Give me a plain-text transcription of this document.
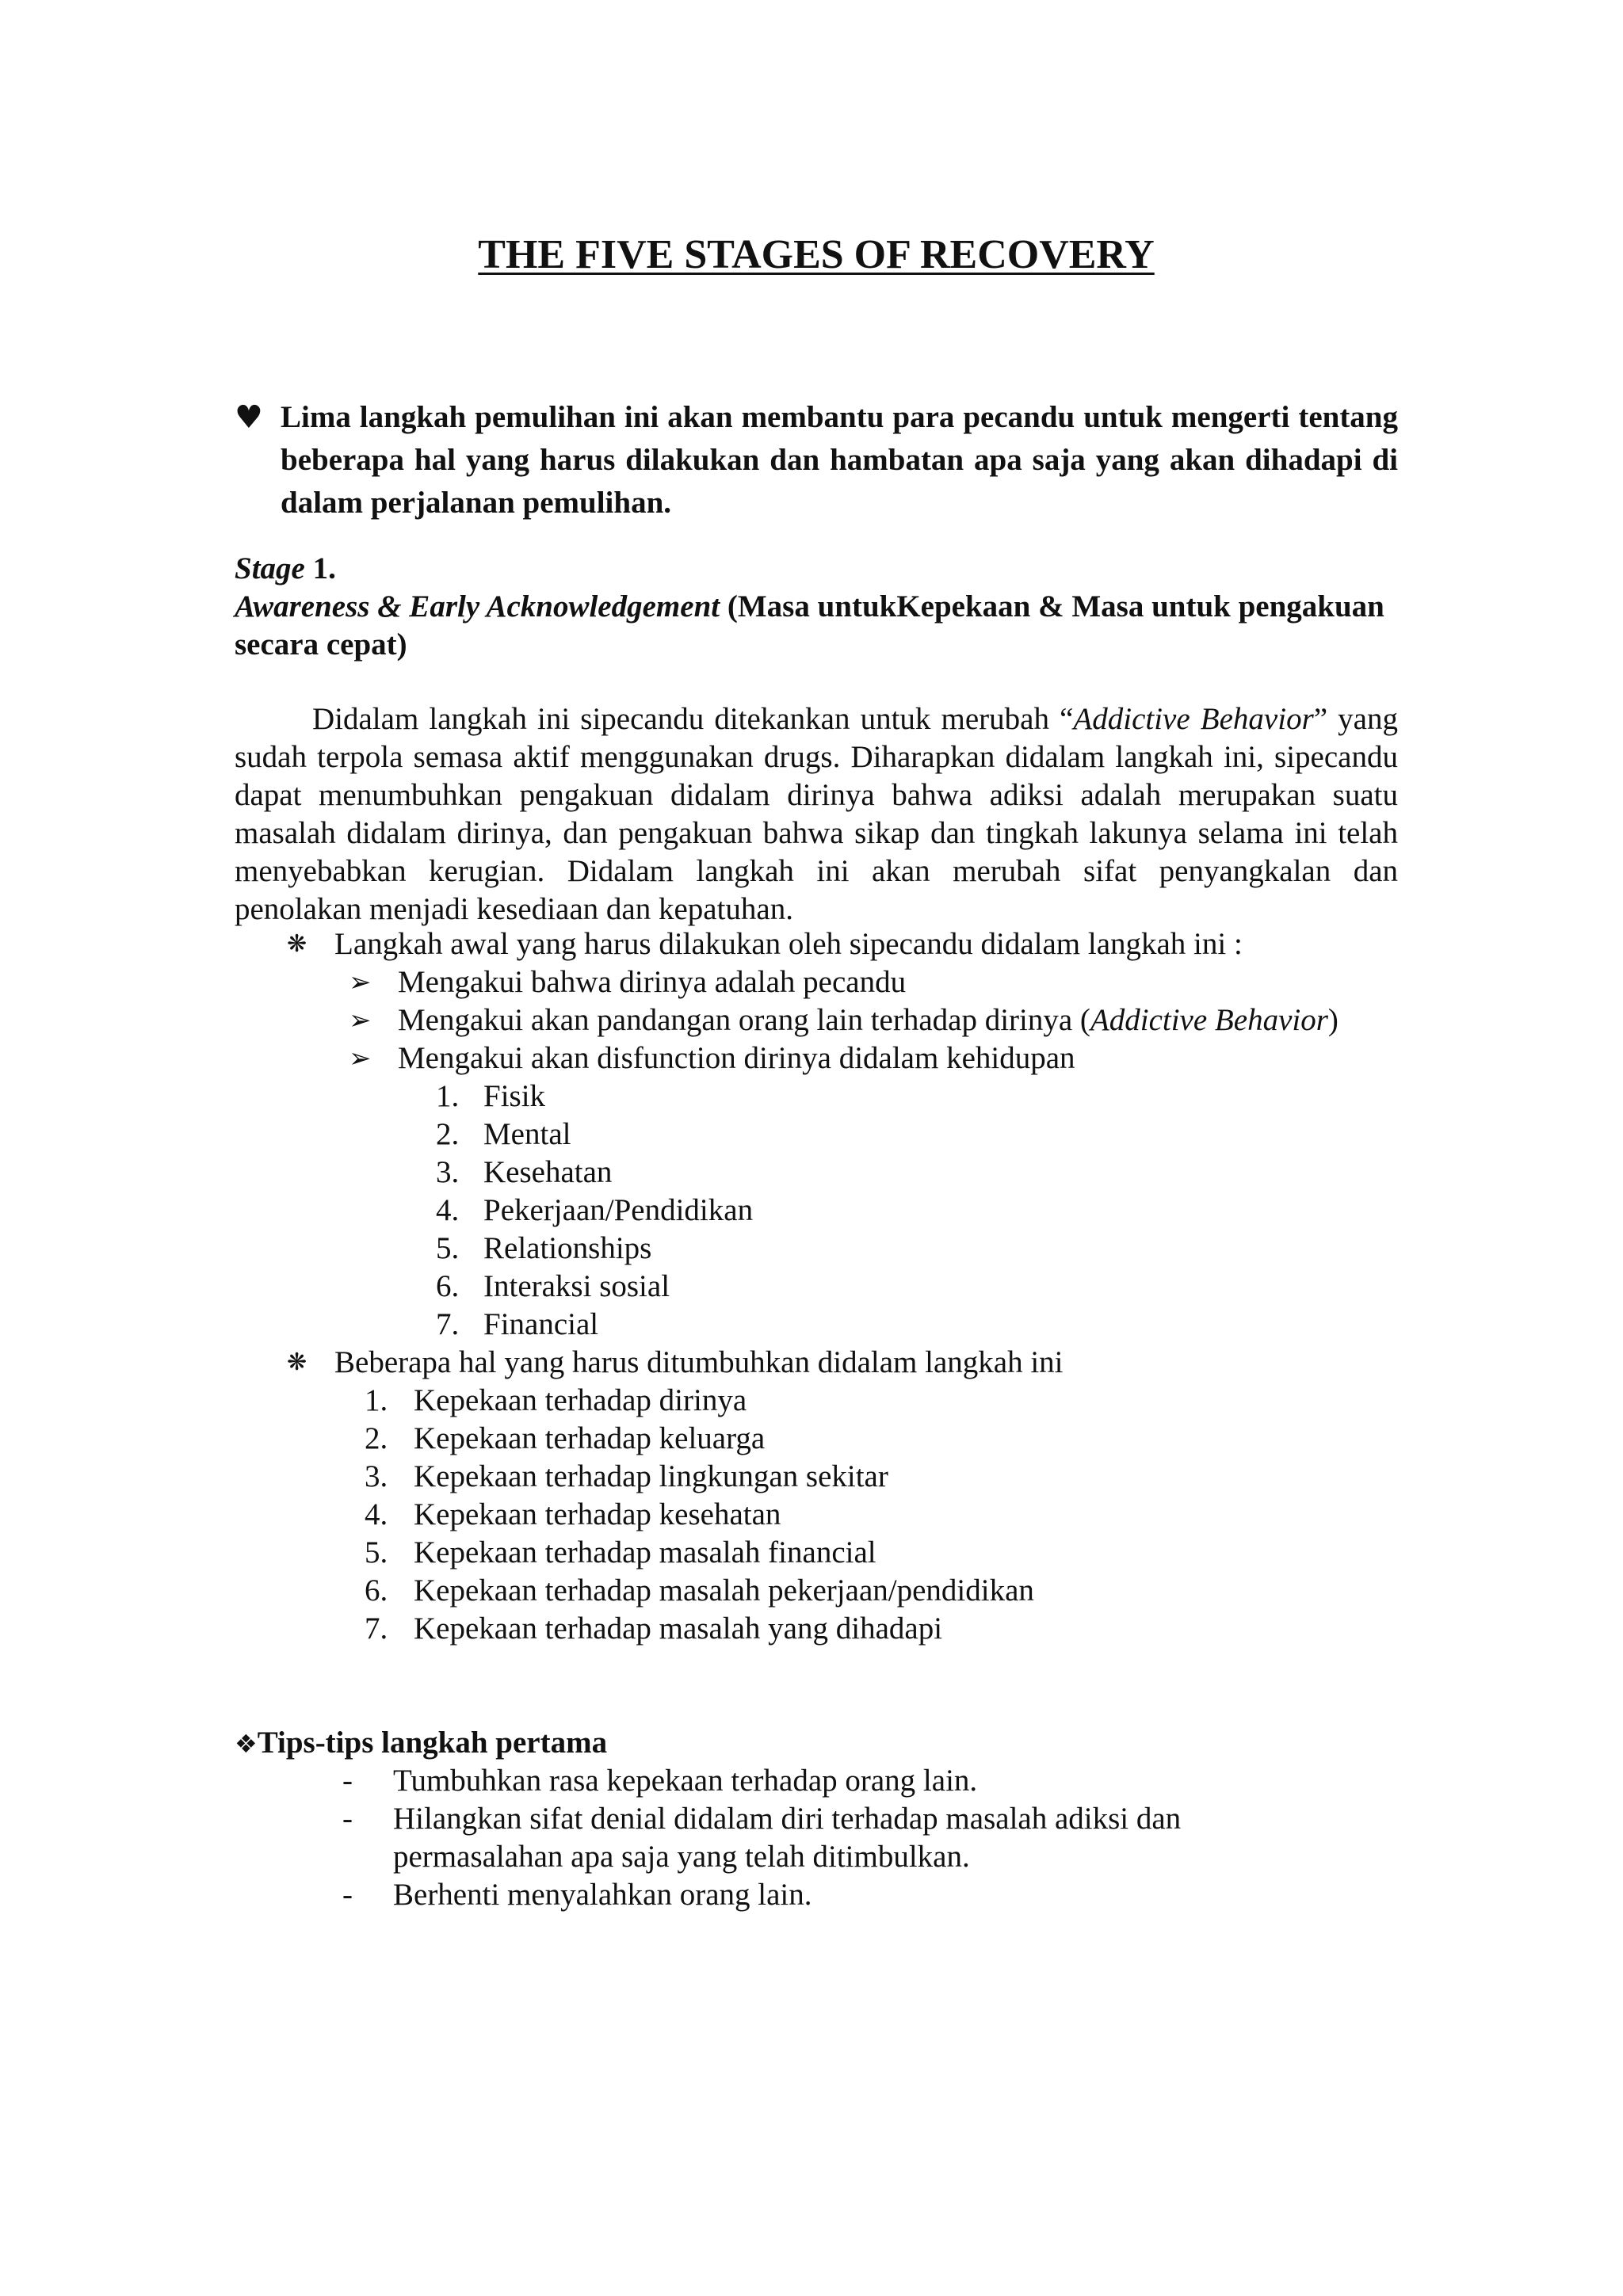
THE FIVE STAGES OF RECOVERY
♥ Lima langkah pemulihan ini akan membantu para pecandu untuk mengerti tentang beberapa hal yang harus dilakukan dan hambatan apa saja yang akan dihadapi di dalam perjalanan pemulihan.
Stage 1.
Awareness & Early Acknowledgement (Masa untukKepekaan & Masa untuk pengakuan secara cepat)

Didalam langkah ini sipecandu ditekankan untuk merubah “Addictive Behavior” yang sudah terpola semasa aktif menggunakan drugs. Diharapkan didalam langkah ini, sipecandu dapat menumbuhkan pengakuan didalam dirinya bahwa adiksi adalah merupakan suatu masalah didalam dirinya, dan pengakuan bahwa sikap dan tingkah lakunya selama ini telah menyebabkan kerugian. Didalam langkah ini akan merubah sifat penyangkalan dan penolakan menjadi kesediaan dan kepatuhan.

❋ Langkah awal yang harus dilakukan oleh sipecandu didalam langkah ini :
➢ Mengakui bahwa dirinya adalah pecandu
➢ Mengakui akan pandangan orang lain terhadap dirinya (Addictive Behavior)
➢ Mengakui akan disfunction dirinya didalam kehidupan
1. Fisik
2. Mental
3. Kesehatan
4. Pekerjaan/Pendidikan
5. Relationships
6. Interaksi sosial
7. Financial
❋ Beberapa hal yang harus ditumbuhkan didalam langkah ini
1. Kepekaan terhadap dirinya
2. Kepekaan terhadap keluarga
3. Kepekaan terhadap lingkungan sekitar
4. Kepekaan terhadap kesehatan
5. Kepekaan terhadap masalah financial
6. Kepekaan terhadap masalah pekerjaan/pendidikan
7. Kepekaan terhadap masalah yang dihadapi
❖Tips-tips langkah pertama
- Tumbuhkan rasa kepekaan terhadap orang lain.
- Hilangkan sifat denial didalam diri terhadap masalah adiksi dan
permasalahan apa saja yang telah ditimbulkan.
- Berhenti menyalahkan orang lain.
